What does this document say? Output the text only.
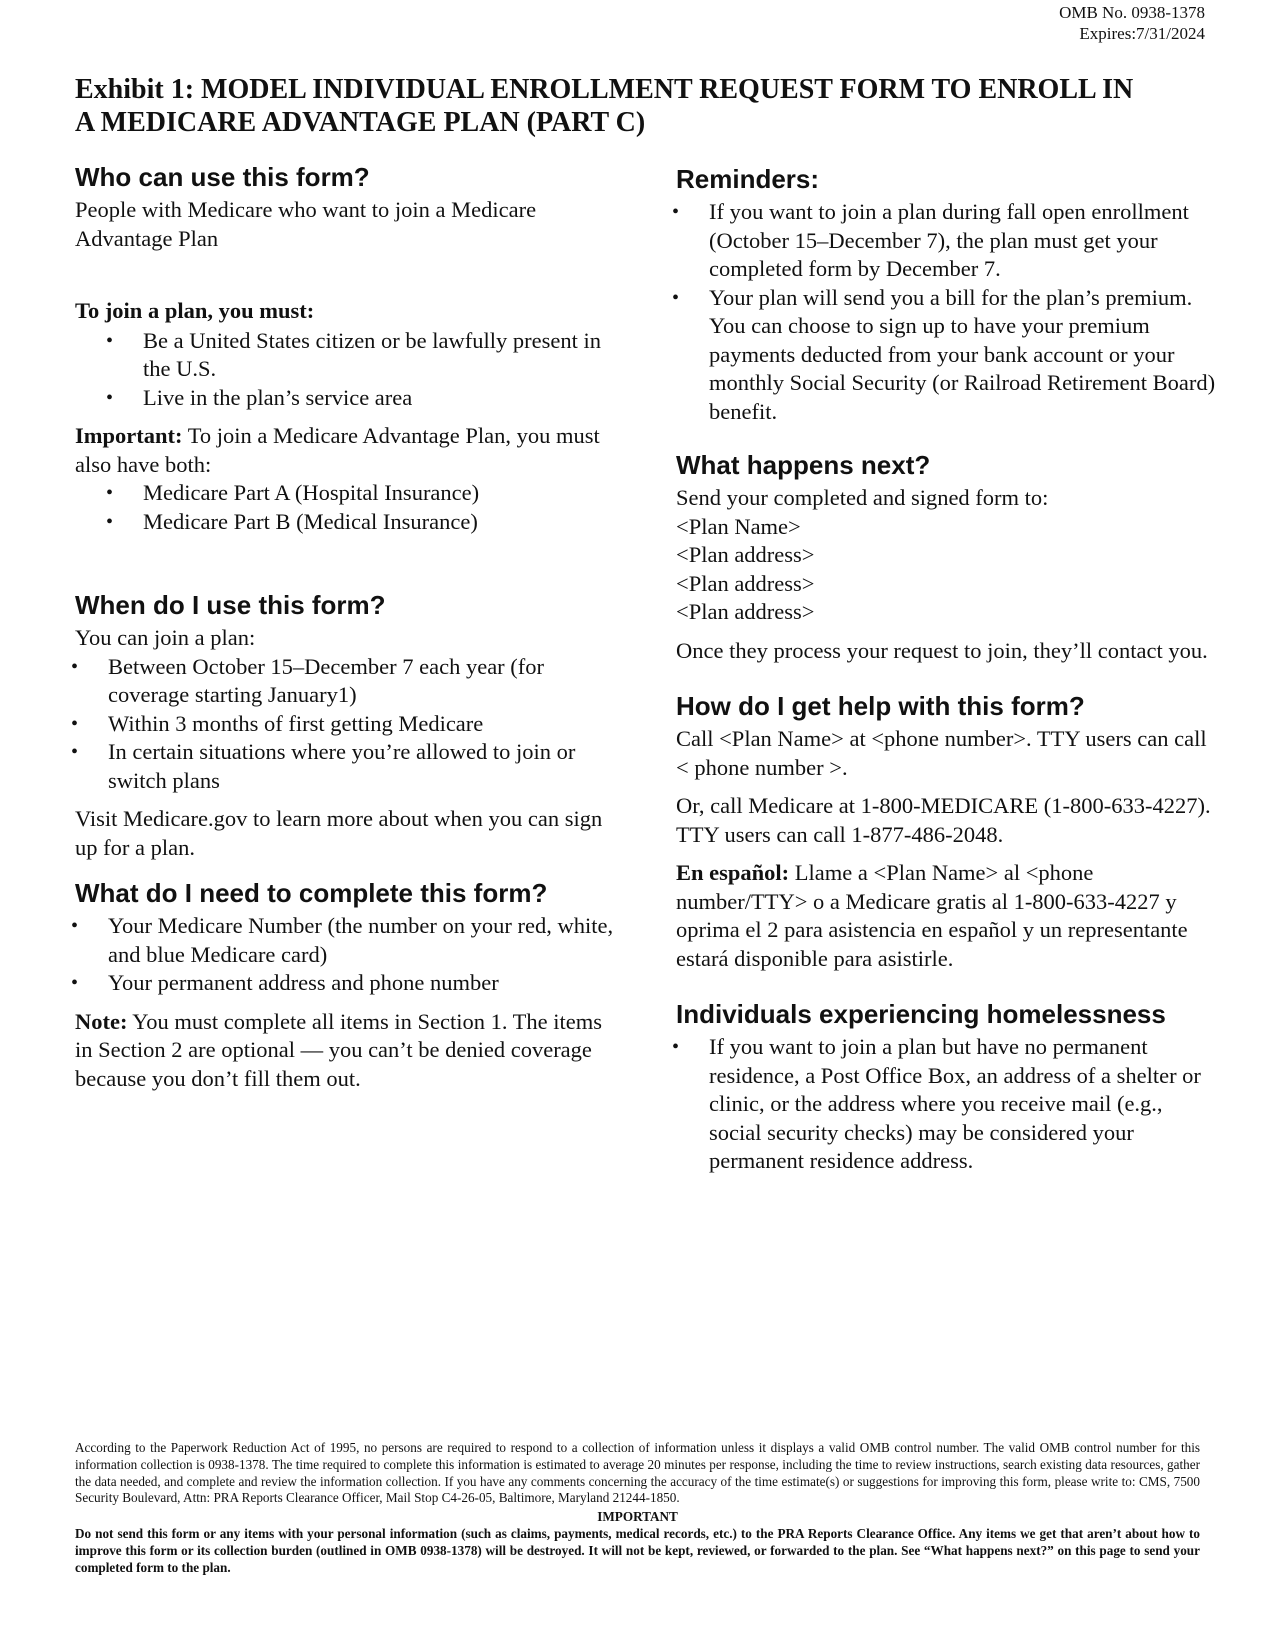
OMB No. 0938-1378
Expires:7/31/2024
Exhibit 1: MODEL INDIVIDUAL ENROLLMENT REQUEST FORM TO ENROLL IN
A MEDICARE ADVANTAGE PLAN (PART C)
Who can use this form?

People with Medicare who want to join a Medicare Advantage Plan

To join a plan, you must:

• Be a United States citizen or be lawfully present in the U.S.
• Live in the plan’s service area

Important: To join a Medicare Advantage Plan, you must also have both:

• Medicare Part A (Hospital Insurance)
• Medicare Part B (Medical Insurance)
When do I use this form?

You can join a plan:

• Between October 15–December 7 each year (for coverage starting January1)
• Within 3 months of first getting Medicare
• In certain situations where you’re allowed to join or switch plans

Visit Medicare.gov to learn more about when you can sign up for a plan.

What do I need to complete this form?
• Your Medicare Number (the number on your red, white, and blue Medicare card)
• Your permanent address and phone number

Note: You must complete all items in Section 1. The items in Section 2 are optional — you can’t be denied coverage because you don’t fill them out.

Reminders:
• If you want to join a plan during fall open enrollment (October 15–December 7), the plan must get your completed form by December 7.
• Your plan will send you a bill for the plan’s premium. You can choose to sign up to have your premium payments deducted from your bank account or your monthly Social Security (or Railroad Retirement Board) benefit.
What happens next?

Send your completed and signed form to:

<Plan Name>

<Plan address>

<Plan address>

<Plan address>

Once they process your request to join, they’ll contact you.

How do I get help with this form?

Call <Plan Name> at <phone number>. TTY users can call < phone number >.

Or, call Medicare at 1-800-MEDICARE (1-800-633-4227). TTY users can call 1-877-486-2048.

En español: Llame a <Plan Name> al <phone number/TTY> o a Medicare gratis al 1-800-633-4227 y oprima el 2 para asistencia en español y un representante estará disponible para asistirle.

Individuals experiencing homelessness
• If you want to join a plan but have no permanent residence, a Post Office Box, an address of a shelter or clinic, or the address where you receive mail (e.g., social security checks) may be considered your permanent residence address.

According to the Paperwork Reduction Act of 1995, no persons are required to respond to a collection of information unless it displays a valid OMB control number. The valid OMB control number for this information collection is 0938-1378. The time required to complete this information is estimated to average 20 minutes per response, including the time to review instructions, search existing data resources, gather the data needed, and complete and review the information collection. If you have any comments concerning the accuracy of the time estimate(s) or suggestions for improving this form, please write to: CMS, 7500 Security Boulevard, Attn: PRA Reports Clearance Officer, Mail Stop C4-26-05, Baltimore, Maryland 21244-1850.

IMPORTANT

Do not send this form or any items with your personal information (such as claims, payments, medical records, etc.) to the PRA Reports Clearance Office. Any items we get that aren’t about how to improve this form or its collection burden (outlined in OMB 0938-1378) will be destroyed. It will not be kept, reviewed, or forwarded to the plan. See “What happens next?” on this page to send your completed form to the plan.
